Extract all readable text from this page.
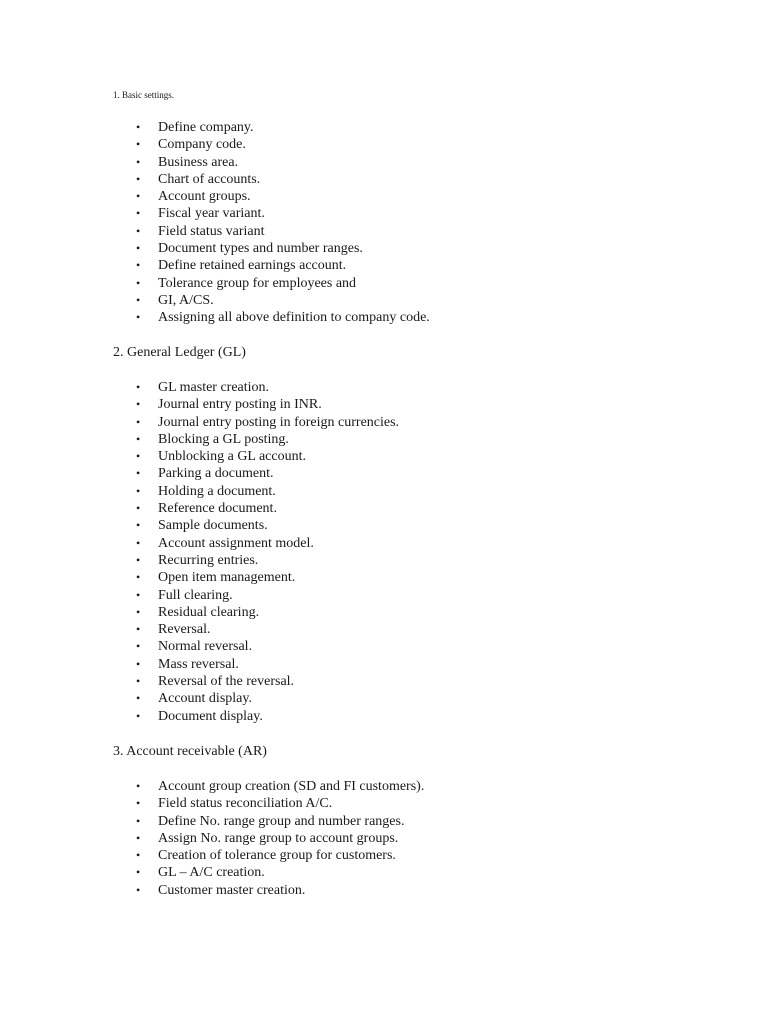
1. Basic settings.
• Define company.
• Company code.
• Business area.
• Chart of accounts.
• Account groups.
• Fiscal year variant.
• Field status variant
• Document types and number ranges.
• Define retained earnings account.
• Tolerance group for employees and
• GI, A/CS.
• Assigning all above definition to company code.
2. General Ledger (GL)
• GL master creation.
• Journal entry posting in INR.
• Journal entry posting in foreign currencies.
• Blocking a GL posting.
• Unblocking a GL account.
• Parking a document.
• Holding a document.
• Reference document.
• Sample documents.
• Account assignment model.
• Recurring entries.
• Open item management.
• Full clearing.
• Residual clearing.
• Reversal.
• Normal reversal.
• Mass reversal.
• Reversal of the reversal.
• Account display.
• Document display.
3. Account receivable (AR)
• Account group creation (SD and FI customers).
• Field status reconciliation A/C.
• Define No. range group and number ranges.
• Assign No. range group to account groups.
• Creation of tolerance group for customers.
• GL – A/C creation.
• Customer master creation.
